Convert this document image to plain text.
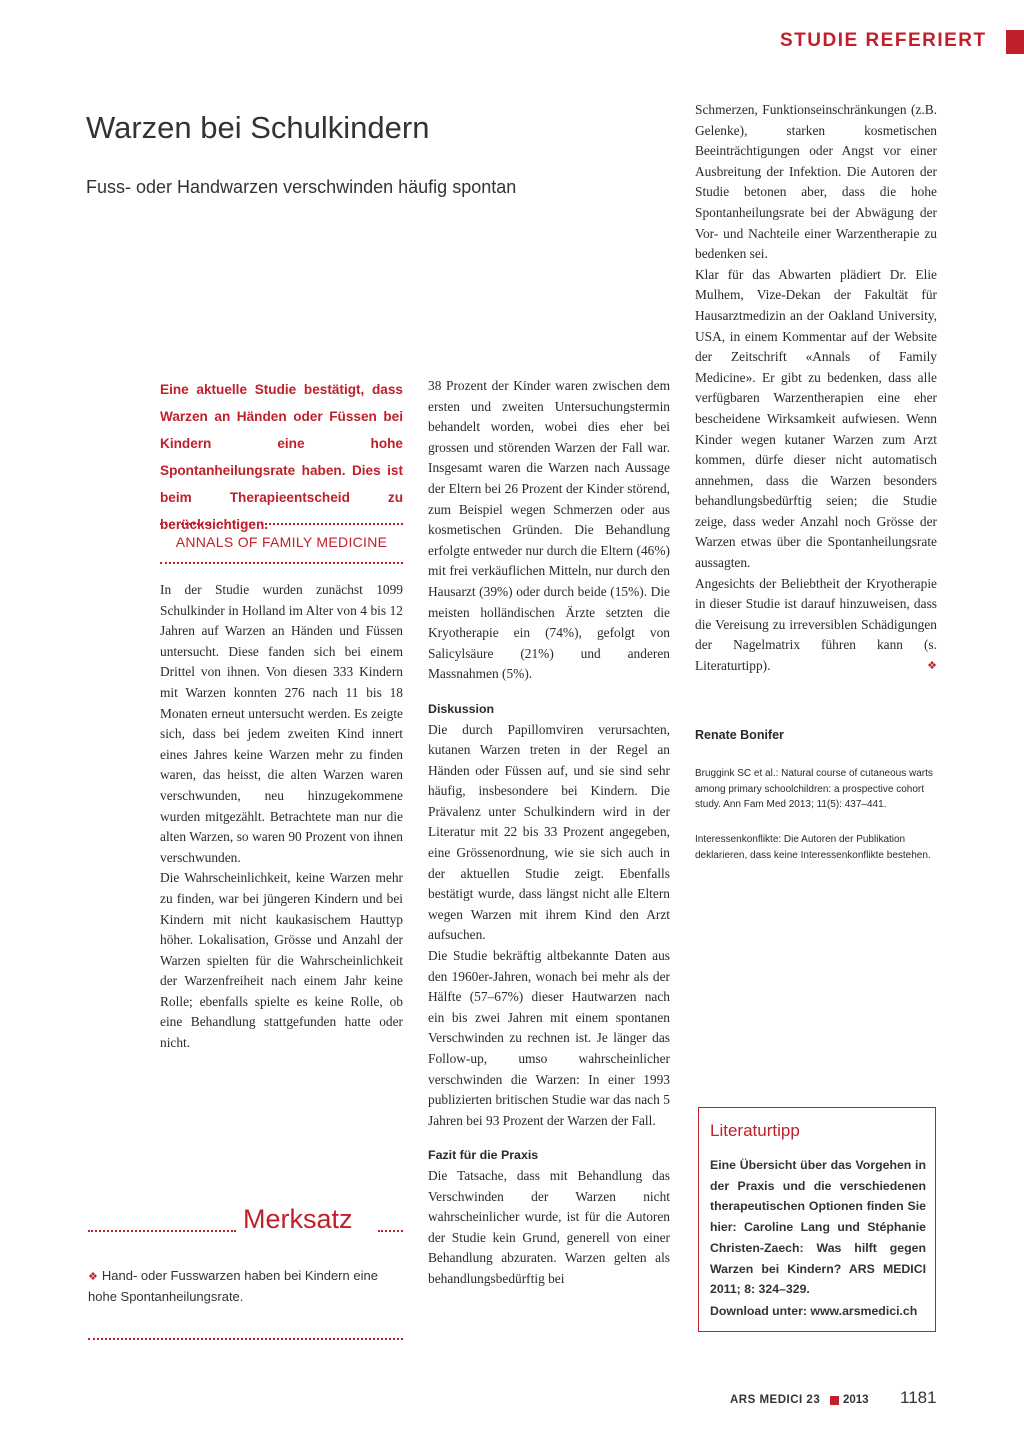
STUDIE REFERIERT
Warzen bei Schulkindern
Fuss- oder Handwarzen verschwinden häufig spontan
Eine aktuelle Studie bestätigt, dass Warzen an Händen oder Füssen bei Kindern eine hohe Spontanheilungsrate haben. Dies ist beim Therapieentscheid zu berücksichtigen.
ANNALS OF FAMILY MEDICINE

In der Studie wurden zunächst 1099 Schulkinder in Holland im Alter von 4 bis 12 Jahren auf Warzen an Händen und Füssen untersucht. Diese fanden sich bei einem Drittel von ihnen. Von diesen 333 Kindern mit Warzen konnten 276 nach 11 bis 18 Monaten erneut untersucht werden. Es zeigte sich, dass bei jedem zweiten Kind innert eines Jahres keine Warzen mehr zu finden waren, das heisst, die alten Warzen waren verschwunden, neu hinzugekommene wurden mitgezählt. Betrachtete man nur die alten Warzen, so waren 90 Prozent von ihnen verschwunden.

Die Wahrscheinlichkeit, keine Warzen mehr zu finden, war bei jüngeren Kindern und bei Kindern mit nicht kaukasischem Hauttyp höher. Lokalisation, Grösse und Anzahl der Warzen spielten für die Wahrscheinlichkeit der Warzenfreiheit nach einem Jahr keine Rolle; ebenfalls spielte es keine Rolle, ob eine Behandlung stattgefunden hatte oder nicht.

Merksatz
❖ Hand- oder Fusswarzen haben bei Kindern eine hohe Spontanheilungsrate.

38 Prozent der Kinder waren zwischen dem ersten und zweiten Untersuchungstermin behandelt worden, wobei dies eher bei grossen und störenden Warzen der Fall war. Insgesamt waren die Warzen nach Aussage der Eltern bei 26 Prozent der Kinder störend, zum Beispiel wegen Schmerzen oder aus kosmetischen Gründen. Die Behandlung erfolgte entweder nur durch die Eltern (46%) mit frei verkäuflichen Mitteln, nur durch den Hausarzt (39%) oder durch beide (15%). Die meisten holländischen Ärzte setzten die Kryotherapie ein (74%), gefolgt von Salicylsäure (21%) und anderen Massnahmen (5%).

Diskussion

Die durch Papillomviren verursachten, kutanen Warzen treten in der Regel an Händen oder Füssen auf, und sie sind sehr häufig, insbesondere bei Kindern. Die Prävalenz unter Schulkindern wird in der Literatur mit 22 bis 33 Prozent angegeben, eine Grössenordnung, wie sie sich auch in der aktuellen Studie zeigt. Ebenfalls bestätigt wurde, dass längst nicht alle Eltern wegen Warzen mit ihrem Kind den Arzt aufsuchen.

Die Studie bekräftig altbekannte Daten aus den 1960er-Jahren, wonach bei mehr als der Hälfte (57–67%) dieser Hautwarzen nach ein bis zwei Jahren mit einem spontanen Verschwinden zu rechnen ist. Je länger das Follow-up, umso wahrscheinlicher verschwinden die Warzen: In einer 1993 publizierten britischen Studie war das nach 5 Jahren bei 93 Prozent der Warzen der Fall.

Fazit für die Praxis

Die Tatsache, dass mit Behandlung das Verschwinden der Warzen nicht wahrscheinlicher wurde, ist für die Autoren der Studie kein Grund, generell von einer Behandlung abzuraten. Warzen gelten als behandlungsbedürftig bei

Schmerzen, Funktionseinschränkungen (z.B. Gelenke), starken kosmetischen Beeinträchtigungen oder Angst vor einer Ausbreitung der Infektion. Die Autoren der Studie betonen aber, dass die hohe Spontanheilungsrate bei der Abwägung der Vor- und Nachteile einer Warzentherapie zu bedenken sei.

Klar für das Abwarten plädiert Dr. Elie Mulhem, Vize-Dekan der Fakultät für Hausarztmedizin an der Oakland University, USA, in einem Kommentar auf der Website der Zeitschrift «Annals of Family Medicine». Er gibt zu bedenken, dass alle verfügbaren Warzentherapien eine eher bescheidene Wirksamkeit aufwiesen. Wenn Kinder wegen kutaner Warzen zum Arzt kommen, dürfe dieser nicht automatisch annehmen, dass die Warzen besonders behandlungsbedürftig seien; die Studie zeige, dass weder Anzahl noch Grösse der Warzen etwas über die Spontanheilungsrate aussagten.

Angesichts der Beliebtheit der Kryotherapie in dieser Studie ist darauf hinzuweisen, dass die Vereisung zu irreversiblen Schädigungen der Nagelmatrix führen kann (s. Literaturtipp).	❖

Renate Bonifer
Bruggink SC et al.: Natural course of cutaneous warts among primary schoolchildren: a prospective cohort study. Ann Fam Med 2013; 11(5): 437–441.
Interessenkonflikte: Die Autoren der Publikation deklarieren, dass keine Interessenkonflikte bestehen.
Literaturtipp
Eine Übersicht über das Vorgehen in der Praxis und die verschiedenen therapeutischen Optionen finden Sie hier: Caroline Lang und Stéphanie Christen-Zaech: Was hilft gegen Warzen bei Kindern? ARS MEDICI 2011; 8: 324–329.
Download unter: www.arsmedici.ch
ARS MEDICI 23 2013 1181
